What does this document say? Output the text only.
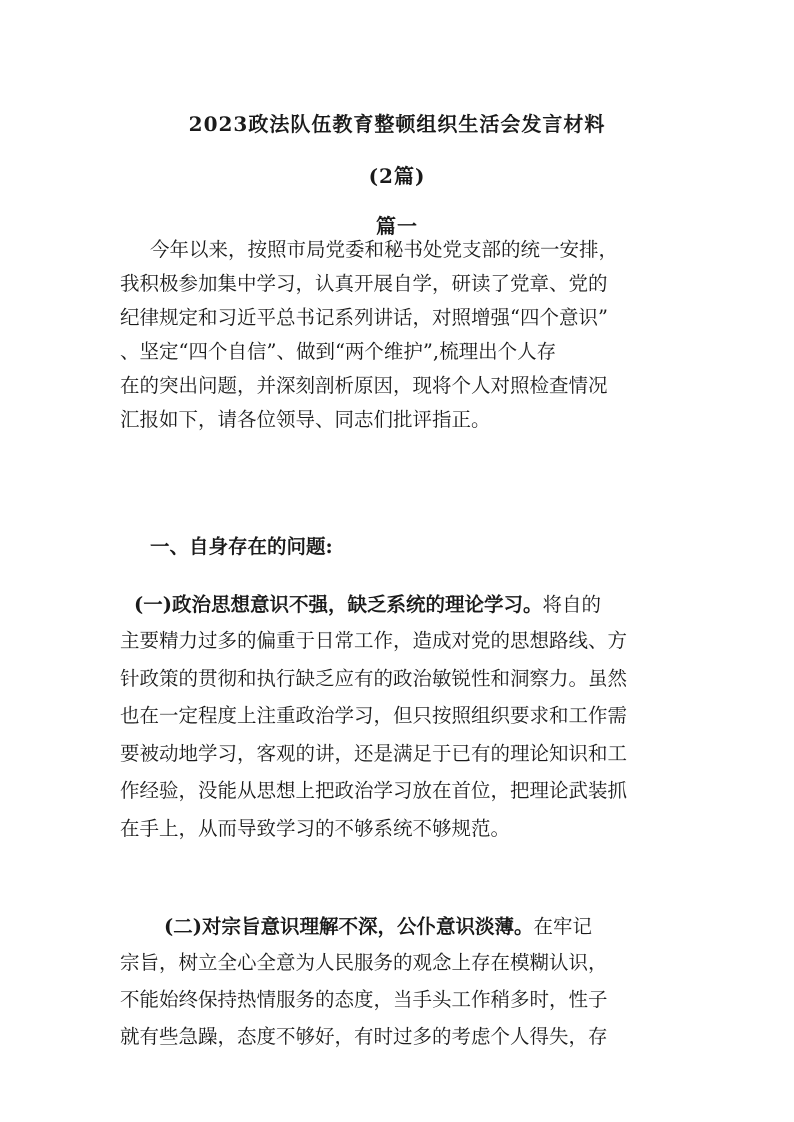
2023政法队伍教育整顿组织生活会发言材料
(2篇)
篇一
今年以来，按照市局党委和秘书处党支部的统一安排，
我积极参加集中学习，认真开展自学，研读了党章、党的
纪律规定和习近平总书记系列讲话，对照增强“四个意识”
、坚定“四个自信”、做到“两个维护”,梳理出个人存
在的突出问题，并深刻剖析原因，现将个人对照检查情况
汇报如下，请各位领导、同志们批评指正。
一、自身存在的问题:
(一)政治思想意识不强，缺乏系统的理论学习。将自的
主要精力过多的偏重于日常工作，造成对党的思想路线、方
针政策的贯彻和执行缺乏应有的政治敏锐性和洞察力。虽然
也在一定程度上注重政治学习，但只按照组织要求和工作需
要被动地学习，客观的讲，还是满足于已有的理论知识和工
作经验，没能从思想上把政治学习放在首位，把理论武装抓
在手上，从而导致学习的不够系统不够规范。
(二)对宗旨意识理解不深，公仆意识淡薄。在牢记
宗旨，树立全心全意为人民服务的观念上存在模糊认识，
不能始终保持热情服务的态度，当手头工作稍多时，性子
就有些急躁，态度不够好，有时过多的考虑个人得失，存
